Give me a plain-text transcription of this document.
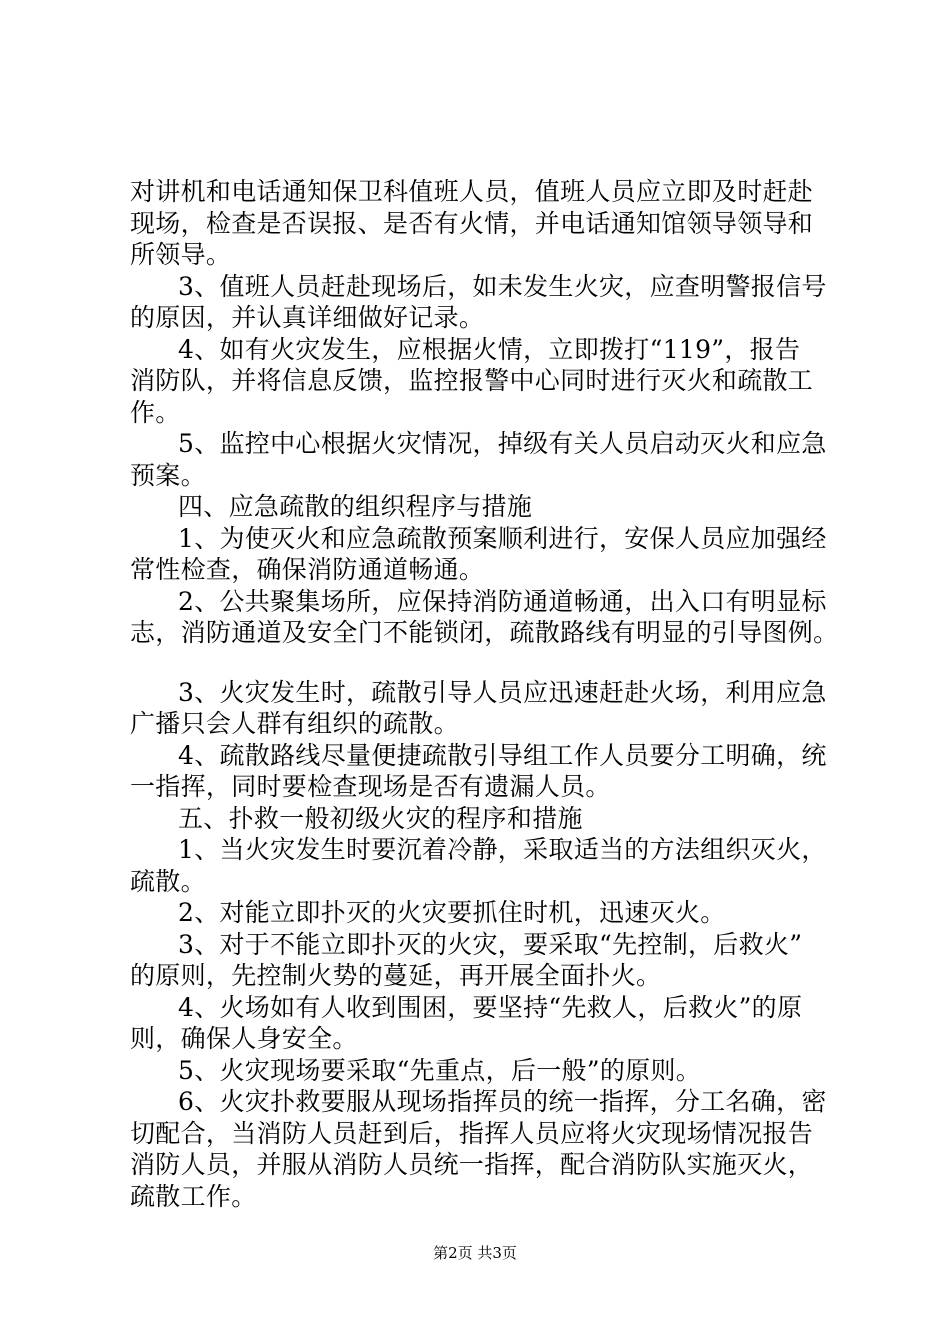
对讲机和电话通知保卫科值班人员，值班人员应立即及时赶赴
现场，检查是否误报、是否有火情，并电话通知馆领导领导和
所领导。
3、值班人员赶赴现场后，如未发生火灾，应查明警报信号
的原因，并认真详细做好记录。
4、如有火灾发生，应根据火情，立即拨打“119”，报告
消防队，并将信息反馈，监控报警中心同时进行灭火和疏散工
作。
5、监控中心根据火灾情况，掉级有关人员启动灭火和应急
预案。
四、应急疏散的组织程序与措施
1、为使灭火和应急疏散预案顺利进行，安保人员应加强经
常性检查，确保消防通道畅通。
2、公共聚集场所，应保持消防通道畅通，出入口有明显标
志，消防通道及安全门不能锁闭，疏散路线有明显的引导图例。
3、火灾发生时，疏散引导人员应迅速赶赴火场，利用应急
广播只会人群有组织的疏散。
4、疏散路线尽量便捷疏散引导组工作人员要分工明确，统
一指挥，同时要检查现场是否有遗漏人员。
五、扑救一般初级火灾的程序和措施
1、当火灾发生时要沉着冷静，采取适当的方法组织灭火，
疏散。
2、对能立即扑灭的火灾要抓住时机，迅速灭火。
3、对于不能立即扑灭的火灾，要采取“先控制，后救火”
的原则，先控制火势的蔓延，再开展全面扑火。
4、火场如有人收到围困，要坚持“先救人，后救火”的原
则，确保人身安全。
5、火灾现场要采取“先重点，后一般”的原则。
6、火灾扑救要服从现场指挥员的统一指挥，分工名确，密
切配合，当消防人员赶到后，指挥人员应将火灾现场情况报告
消防人员，并服从消防人员统一指挥，配合消防队实施灭火，
疏散工作。
第2页 共3页
